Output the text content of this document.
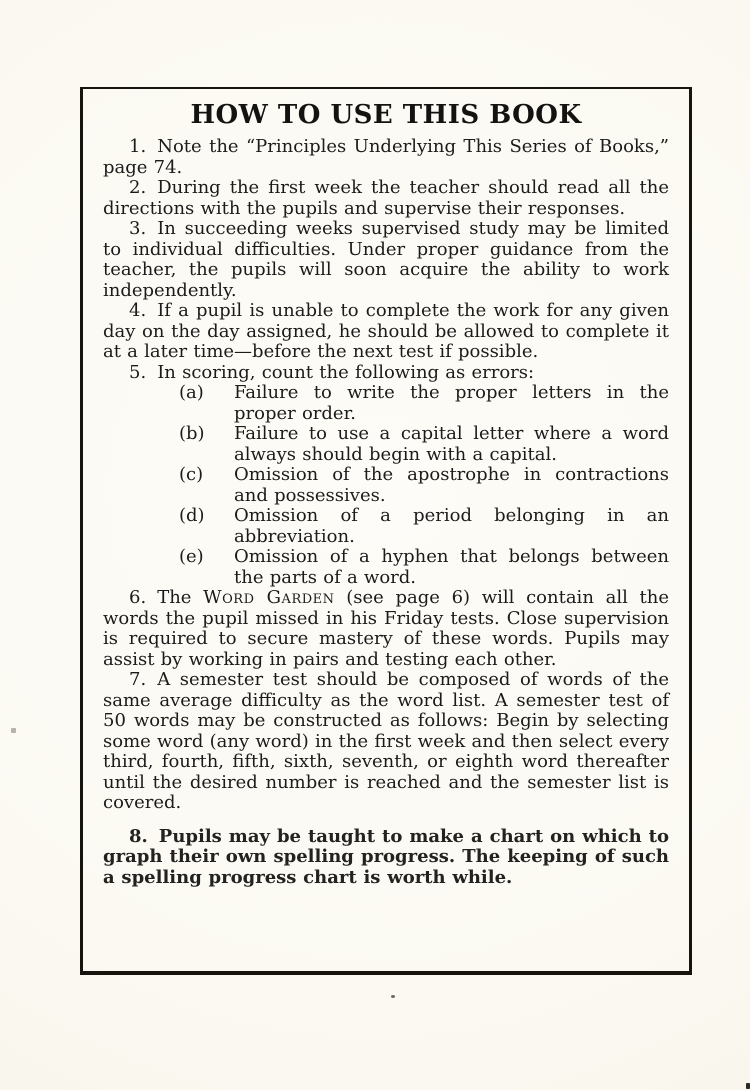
HOW TO USE THIS BOOK

1. Note the “Principles Underlying This Series of Books,” page 74.

2. During the first week the teacher should read all the directions with the pupils and supervise their responses.

3. In succeeding weeks supervised study may be limited to individual difficulties. Under proper guidance from the teacher, the pupils will soon acquire the ability to work independently.

4. If a pupil is unable to complete the work for any given day on the day assigned, he should be allowed to complete it at a later time—before the next test if possible.

5. In scoring, count the following as errors:

(a)	Failure to write the proper letters in the proper order.
(b)	Failure to use a capital letter where a word always should begin with a capital.
(c)	Omission of the apostrophe in contractions and possessives.
(d)	Omission of a period belonging in an abbreviation.
(e)	Omission of a hyphen that belongs between the parts of a word.

6. The Word Garden (see page 6) will contain all the words the pupil missed in his Friday tests. Close supervision is required to secure mastery of these words. Pupils may assist by working in pairs and testing each other.

7. A semester test should be composed of words of the same average difficulty as the word list. A semester test of 50 words may be constructed as follows: Begin by selecting some word (any word) in the first week and then select every third, fourth, fifth, sixth, seventh, or eighth word thereafter until the desired number is reached and the semester list is covered.

8. Pupils may be taught to make a chart on which to graph their own spelling progress. The keeping of such a spelling progress chart is worth while.
